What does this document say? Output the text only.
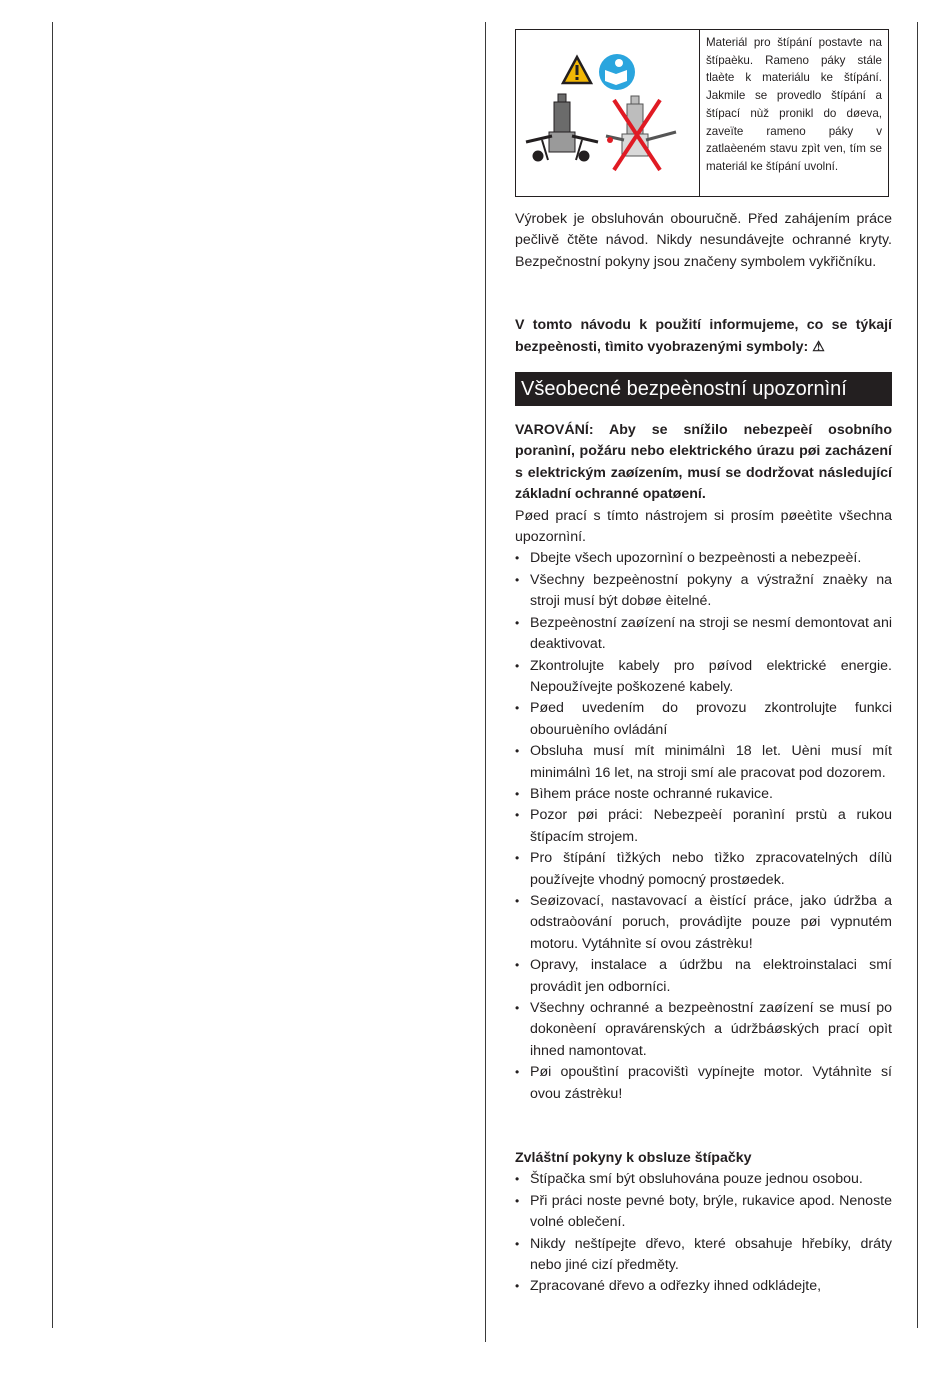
Materiál pro štípání postavte na štípaèku. Rameno páky stále tlaète k materiálu ke štípání. Jakmile se provedlo štípání a štípací nùž pronikl do døeva, zaveïte rameno páky v zatlaèeném stavu zpìt ven, tím se materiál ke štípání uvolní.

Výrobek je obsluhován obouručně. Před zahájením práce pečlivě čtěte návod. Nikdy nesundávejte ochranné kryty. Bezpečnostní pokyny jsou značeny symbolem vykřičníku.

V tomto návodu k použití informujeme, co se týkají bezpeènosti, tìmito vyobrazenými symboly: ⚠

Všeobecné bezpeènostní upozornìní

VAROVÁNÍ: Aby se snížilo nebezpeèí osobního poranìní, požáru nebo elektrického úrazu pøi zacházení s elektrickým zaøízením, musí se dodržovat následující základní ochranné opatøení.

Pøed prací s tímto nástrojem si prosím pøeètìte všechna upozornìní.

• Dbejte všech upozornìní o bezpeènosti a nebezpeèí.
• Všechny bezpeènostní pokyny a výstražní znaèky na stroji musí být dobøe èitelné.
• Bezpeènostní zaøízení na stroji se nesmí demontovat ani deaktivovat.
• Zkontrolujte kabely pro pøívod elektrické energie. Nepoužívejte poškozené kabely.
• Pøed uvedením do provozu zkontrolujte funkci obouruèního ovládání
• Obsluha musí mít minimálnì 18 let. Uèni musí mít minimálnì 16 let, na stroji smí ale pracovat pod dozorem.
• Bìhem práce noste ochranné rukavice.
• Pozor pøi práci: Nebezpeèí poranìní prstù a rukou štípacím strojem.
• Pro štípání tìžkých nebo tìžko zpracovatelných dílù používejte vhodný pomocný prostøedek.
• Seøizovací, nastavovací a èistící práce, jako údržba a odstraòování poruch, provádìjte pouze pøi vypnutém motoru. Vytáhnìte sí ovou zástrèku!
• Opravy, instalace a údržbu na elektroinstalaci smí provádìt jen odborníci.
• Všechny ochranné a bezpeènostní zaøízení se musí po dokonèení opravárenských a údržbáøských prací opìt ihned namontovat.
• Pøi opouštìní pracovištì vypínejte motor. Vytáhnìte sí ovou zástrèku!

Zvláštní pokyny k obsluze štípačky

• Štípačka smí být obsluhována pouze jednou osobou.
• Při práci noste pevné boty, brýle, rukavice apod. Nenoste volné oblečení.
• Nikdy neštípejte dřevo, které obsahuje hřebíky, dráty nebo jiné cizí předměty.
• Zpracované dřevo a odřezky ihned odkládejte,
